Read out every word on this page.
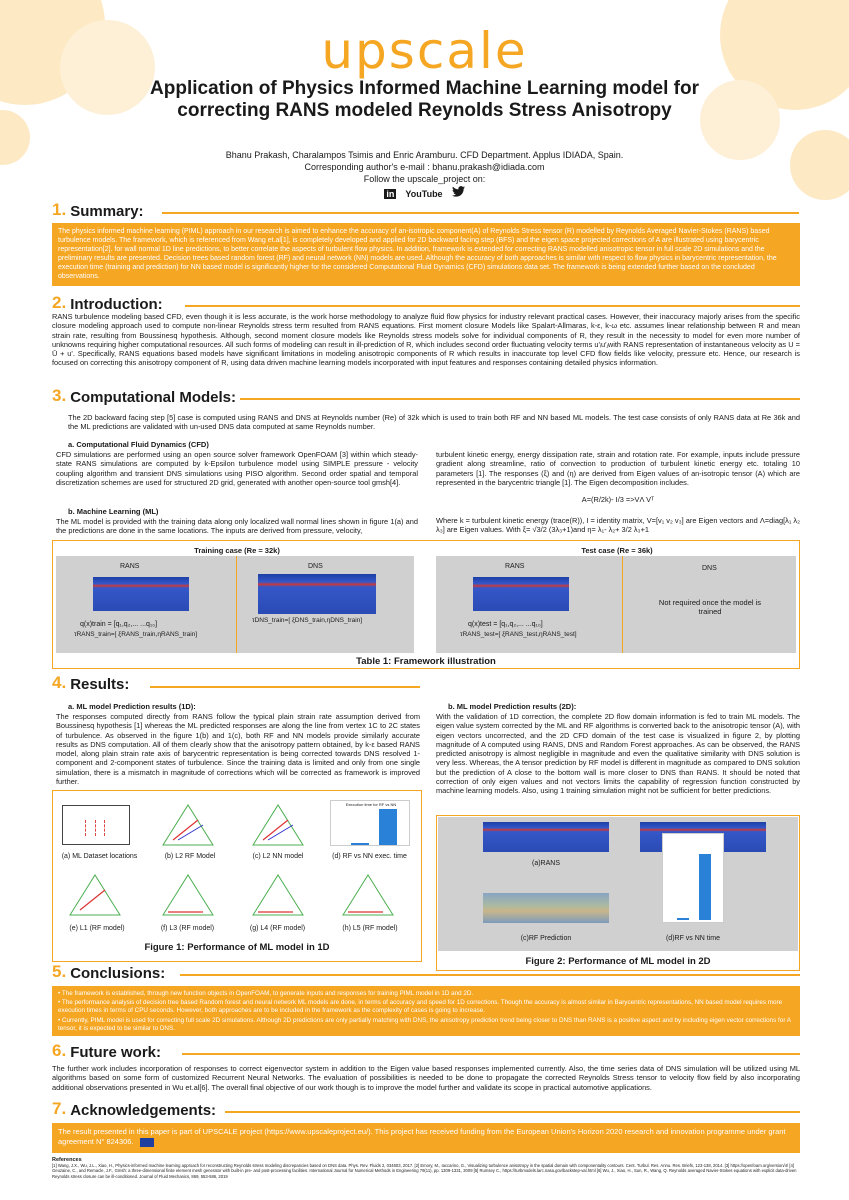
upscale
Application of Physics Informed Machine Learning model for correcting RANS modeled Reynolds Stress Anisotropy
Bhanu Prakash, Charalampos Tsimis and Enric Aramburu. CFD Department. Applus IDIADA, Spain.
Corresponding author's e-mail : bhanu.prakash@idiada.com
Follow the upscale_project on:
in YouTube
1. Summary:
The physics informed machine learning (PIML) approach in our research is aimed to enhance the accuracy of an-isotropic component(A) of Reynolds Stress tensor (R) modelled by Reynolds Averaged Navier-Stokes (RANS) based turbulence models. The framework, which is referenced from Wang et.al[1], is completely developed and applied for 2D backward facing step (BFS) and the eigen space projected corrections of A are illustrated using barycentric representation[2]. for wall normal 1D line predictions, to better correlate the aspects of turbulent flow physics. In addition, framework is extended for correcting RANS modelled anisotropic tensor in full scale 2D simulations and the preliminary results are presented. Decision trees based random forest (RF) and neural network (NN) models are used. Although the accuracy of both approaches is similar with respect to flow physics in barycentric representation, the execution time (training and prediction) for NN based model is significantly higher for the considered Computational Fluid Dynamics (CFD) simulations data set. The framework is being extended further based on the concluded observations.
2. Introduction:
RANS turbulence modeling based CFD, even though it is less accurate, is the work horse methodology to analyze fluid flow physics for industry relevant practical cases. However, their inaccuracy majorly arises from the specific closure modeling approach used to compute non-linear Reynolds stress term resulted from RANS equations. First moment closure Models like Spalart-Allmaras, k-ε, k-ω etc. assumes linear relationship between R and mean strain rate, resulting from Boussinesq hypothesis. Although, second moment closure models like Reynolds stress models solve for individual components of R, they result in the necessity to model for even more number of unknowns requiring higher computational resources. All such forms of modeling can result in ill-prediction of R, which includes second order fluctuating velocity terms u'ᵢu'ⱼwith RANS representation of instantaneous velocity as U = Ū + u'. Specifically, RANS equations based models have significant limitations in modeling anisotropic components of R which results in inaccurate top level CFD flow fields like velocity, pressure etc. Hence, our research is focused on correcting this anisotropy component of R, using data driven machine learning models incorporated with input features and responses containing detailed physics information.
3. Computational Models:
The 2D backward facing step [5] case is computed using RANS and DNS at Reynolds number (Re) of 32k which is used to train both RF and NN based ML models. The test case consists of only RANS data at Re 36k and the ML predictions are validated with un-used DNS data computed at same Reynolds number.
a. Computational Fluid Dynamics (CFD)
CFD simulations are performed using an open source solver framework OpenFOAM [3] within which steady-state RANS simulations are computed by k-Epsilon turbulence model using SIMPLE pressure - velocity coupling algorithm and transient DNS simulations using PISO algorithm. Second order spatial and temporal discretization schemes are used for structured 2D grid, generated with another open-source tool gmsh[4].
b. Machine Learning (ML)
The ML model is provided with the training data along only localized wall normal lines shown in figure 1(a) and the predictions are done in the same locations. The inputs are derived from pressure, velocity,
turbulent kinetic energy, energy dissipation rate, strain and rotation rate. For example, inputs include pressure gradient along streamline, ratio of convection to production of turbulent kinetic energy etc. totaling 10 parameters [1]. The responses (ξ) and (η) are derived from Eigen values of an-isotropic tensor (A) which are represented in the barycentric triangle [1]. The Eigen decomposition includes.
A=(R/2k)- I/3 =>VΛ Vᵀ
Where k = turbulent kinetic energy (trace(R)), I = identity matrix, V=[v₁ v₂ v₃] are Eigen vectors and Λ=diag[λ₁ λ₂ λ₃] are Eigen values. With ξ= √3/2 (3λ₃+1)and η= λ₁- λ₂+ 3/2 λ₃+1
Training case (Re = 32k)	Test case (Re = 36k)
RANS	DNS	RANS	DNS
q(x)train = [q₁,q₂,... ...q₁₀]
τRANS_train=[ ξRANS_train,ηRANS_train]
τDNS_train=[ ξDNS_train,ηDNS_train]
q(x)test = [q₁,q₂,... ...q₁₀]
τRANS_test=[ ξRANS_test,ηRANS_test]
Not required once the model is trained
Table 1: Framework illustration
4. Results:
a. ML model Prediction results (1D):
The responses computed directly from RANS follow the typical plain strain rate assumption derived from Boussinesq hypothesis [1] whereas the ML predicted responses are along the line from vertex 1C to 2C states of turbulence. As observed in the figure 1(b) and 1(c), both RF and NN models provide similarly accurate results as DNS computation. All of them clearly show that the anisotropy pattern obtained, by k-ε based RANS model, along plain strain rate axis of barycentric representation is being corrected towards DNS resolved 1-component and 2-component states of turbulence. Since the training data is limited and only from one single simulation, there is a mismatch in magnitude of corrections which will be corrected as framework is improved further.
b. ML model Prediction results (2D):
With the validation of 1D correction, the complete 2D flow domain information is fed to train ML models. The eigen value system corrected by the ML and RF algorithms is converted back to the anisotropic tensor (A), with eigen vectors uncorrected, and the 2D CFD domain of the test case is visualized in figure 2, by plotting magnitude of A computed using RANS, DNS and Random Forest approaches. As can be observed, the RANS predicted anisotropy is almost negligible in magnitude and even the qualitative similarity with DNS solution is very less. Whereas, the A tensor prediction by RF model is different in magnitude as compared to DNS solution but the prediction of A close to the bottom wall is more closer to DNS than RANS. It should be noted that correction of only eigen values and not vectors limits the capability of regression function constructed by machine learning models. Also, using 1 training simulation might not be sufficient for better predictions.
(a) ML Dataset locations	(b) L2 RF Model	(c) L2 NN model
Execution time for RF vs NN
(d) RF vs NN exec. time
(e) L1 (RF model)	(f) L3 (RF model)	(g) L4 (RF model)	(h) L5 (RF model)
Figure 1: Performance of ML model in 1D
(a)RANS
(c)RF Prediction	(d)RF vs NN time
Figure 2: Performance of ML model in 2D
5. Conclusions:
• The framework is established, through new function objects in OpenFOAM, to generate inputs and responses for training PIML model in 1D and 2D.
• The performance analysis of decision tree based Random forest and neural network ML models are done, in terms of accuracy and speed for 1D corrections. Though the accuracy is almost similar in Barycentric representations, NN based model requires more execution times in terms of CPU seconds. However, both approaches are to be included in the framework as the complexity of cases is going to increase.
• Currently, PIML model is used for correcting full scale 2D simulations. Although 2D predictions are only partially matching with DNS, the anisotropy prediction trend being closer to DNS than RANS is a positive aspect and by including eigen vector corrections for A tensor, it is expected to be similar to DNS.
6. Future work:
The further work includes incorporation of responses to correct eigenvector system in addition to the Eigen value based responses implemented currently. Also, the time series data of DNS simulation will be utilized using ML algorithms based on some form of customized Recurrent Neural Networks. The evaluation of possibilities is needed to be done to propagate the corrected Reynolds Stress tensor to velocity flow field by also incorporating additional observations presented in Wu et.al[6]. The overall final objective of our work though is to improve the model further and validate its scope in practical automotive applications.
7. Acknowledgements:
The result presented in this paper is part of UPSCALE project (https://www.upscaleproject.eu/). This project has received funding from the European Union's Horizon 2020 research and innovation programme under grant agreement N° 824306.
References
[1] Wang, J.X., Wu, J.L., Xiao, H., Physics-informed machine learning approach for reconstructing Reynolds stress modeling discrepancies based on DNS data. Phys. Rev. Fluids 2, 034603, 2017. [2] Emory, M., Iaccarino, G., Visualizing turbulence anisotropy in the spatial domain with componentality contours. Cent. Turbul. Res. Annu. Res. Briefs, 123-138, 2014. [3] https://openfoam.org/version/4/ [4] Geuzaine, C., and Remacle, J.F., Gmsh: a three-dimensional finite element mesh generator with built-in pre- and post-processing facilities. International Journal for Numerical Methods in Engineering 79(11), pp. 1309-1331, 2009 [5] Rumsey C., https://turbmodels.larc.nasa.gov/backstep-val.html [6] Wu, J., Xiao, H., Sun, R., Wang, Q. Reynolds averaged Navier-Stokes equations with explicit data-driven Reynolds stress closure can be ill-conditioned. Journal of Fluid Mechanics, 869, 553-586, 2019
